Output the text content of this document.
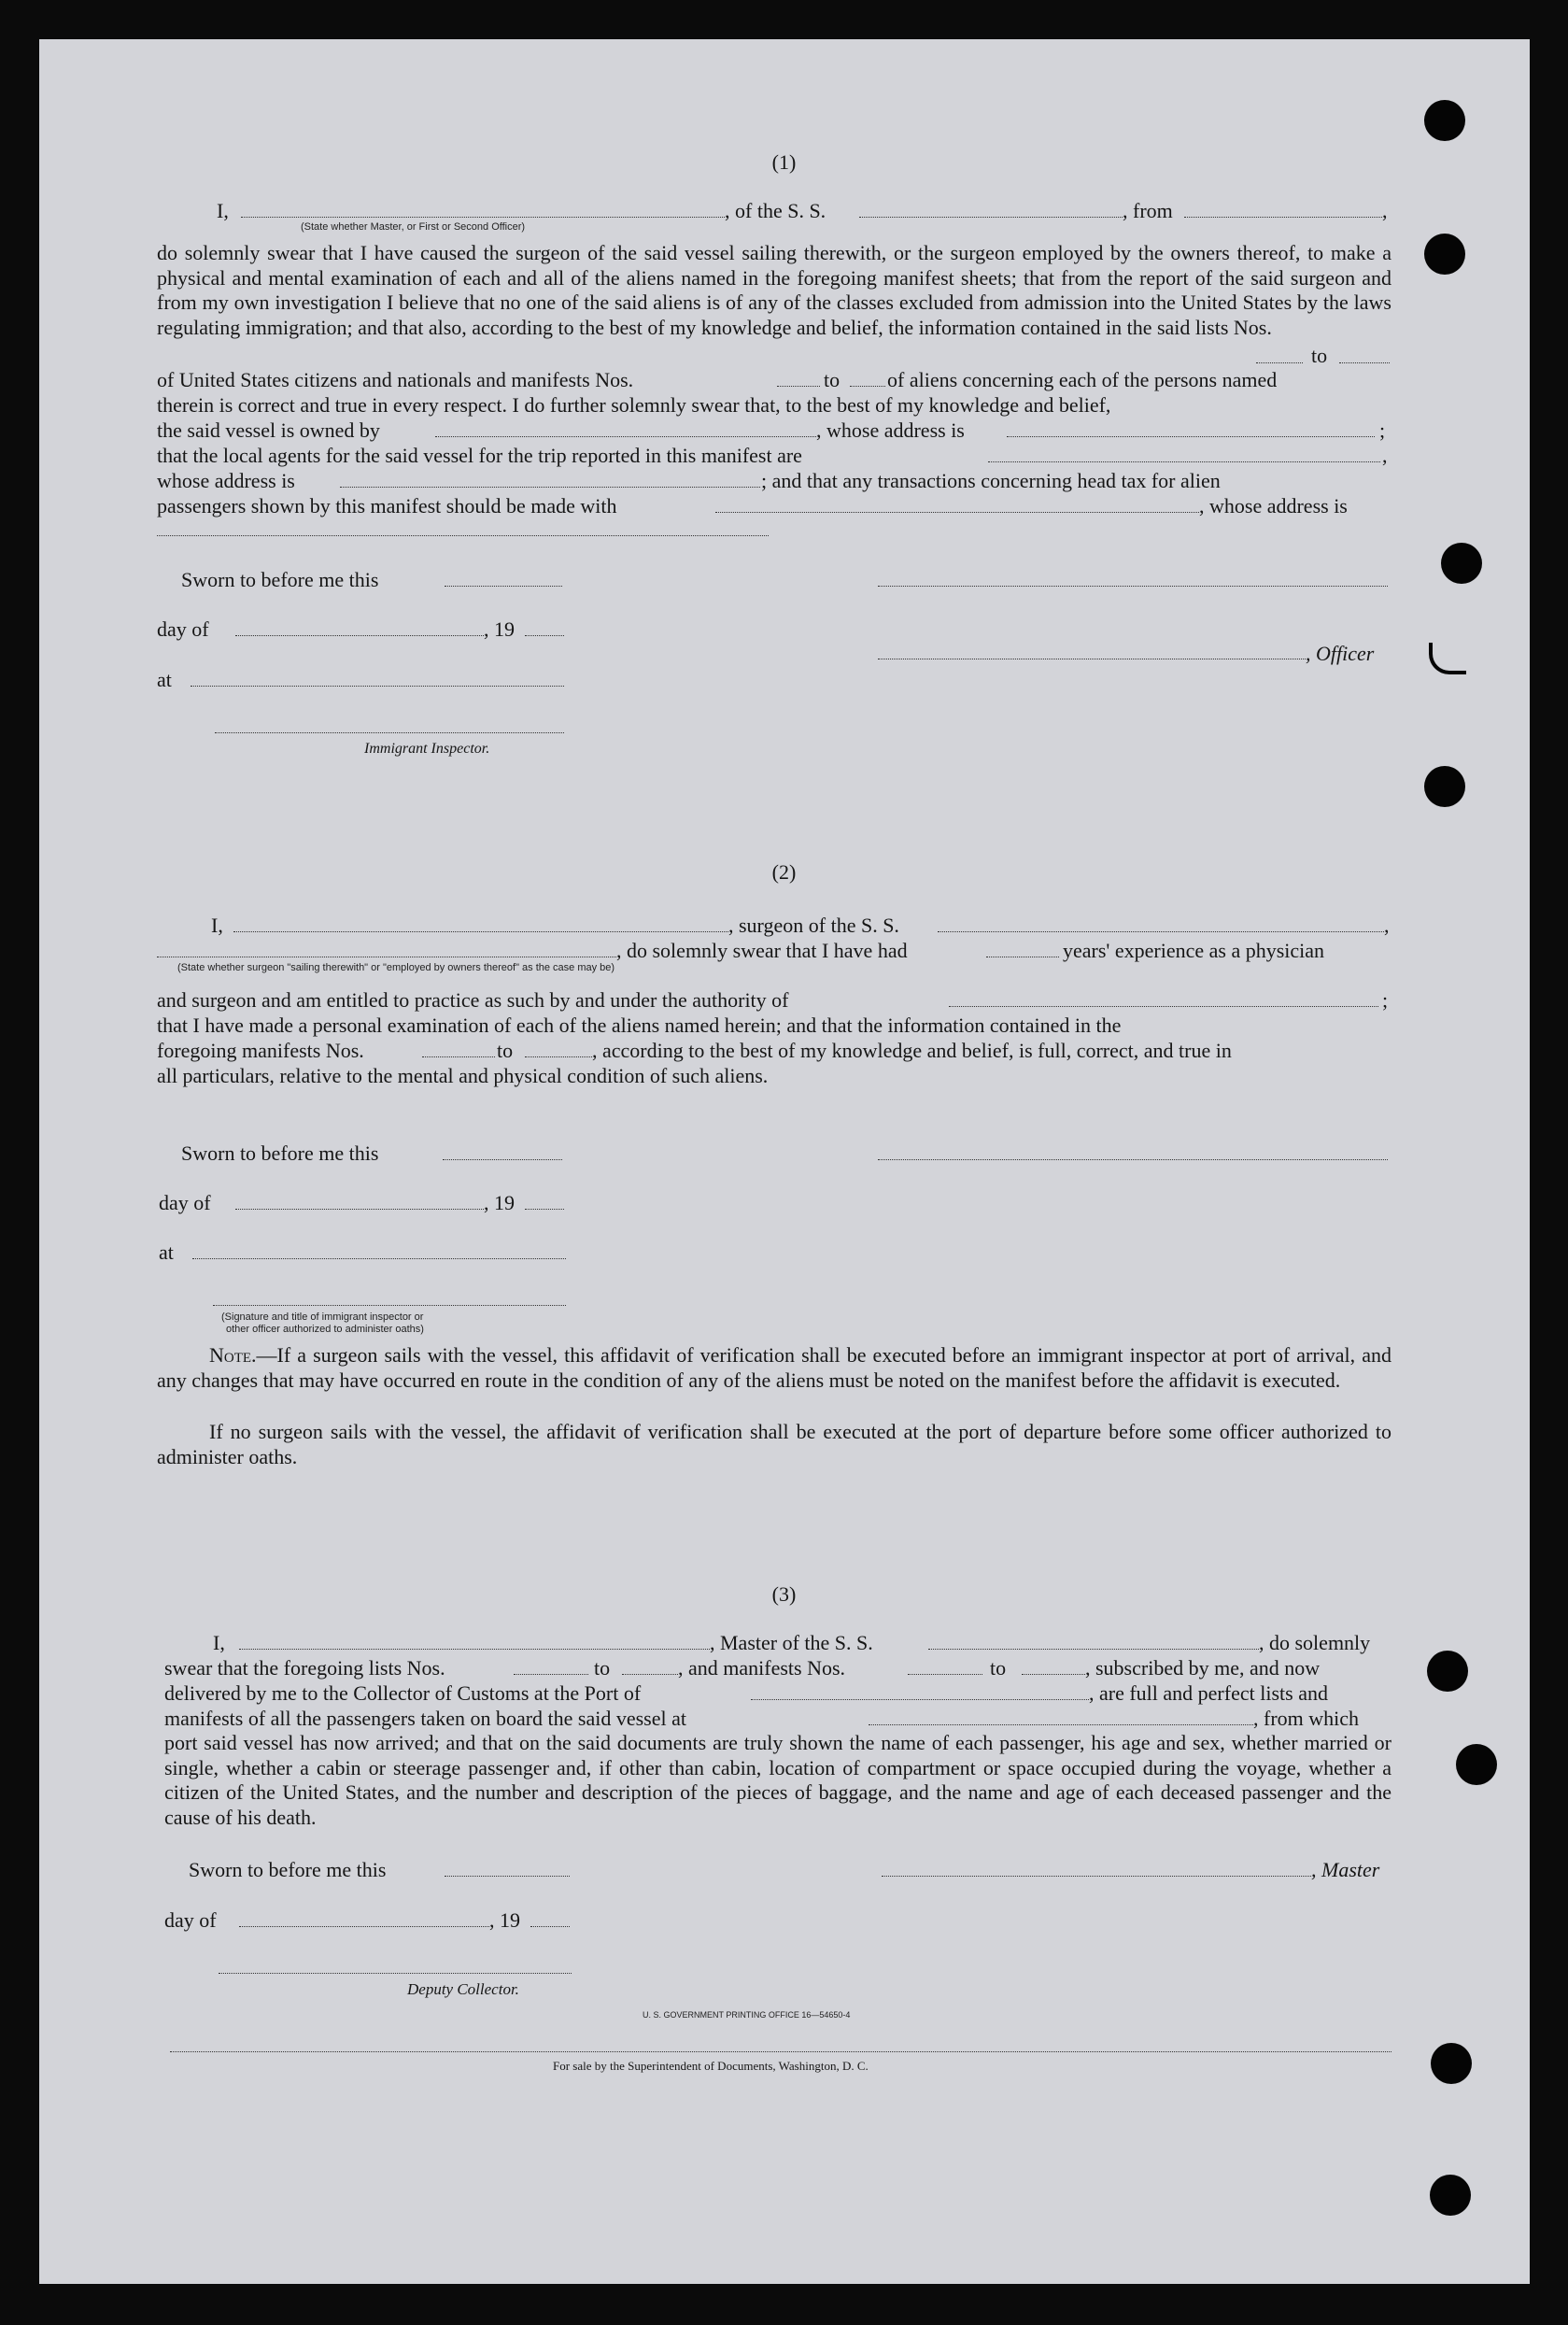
(1)
I,	, of the S. S.	, from	,
(State whether Master, or First or Second Officer)
do solemnly swear that I have caused the surgeon of the said vessel sailing therewith, or the surgeon employed by the owners thereof, to make a physical and mental examination of each and all of the aliens named in the foregoing manifest sheets; that from the report of the said surgeon and from my own investigation I believe that no one of the said aliens is of any of the classes excluded from admission into the United States by the laws regulating immigration; and that also, according to the best of my knowledge and belief, the information contained in the said lists Nos.
to
of United States citizens and nationals and manifests Nos.	to of aliens concerning each of the persons named
therein is correct and true in every respect. I do further solemnly swear that, to the best of my knowledge and belief,
the said vessel is owned by	, whose address is	;
that the local agents for the said vessel for the trip reported in this manifest are	,
whose address is	; and that any transactions concerning head tax for alien
passengers shown by this manifest should be made with	, whose address is
Sworn to before me this
day of	, 19
, Officer
at
Immigrant Inspector.
(2)
I,	, surgeon of the S. S.	,
, do solemnly swear that I have had	years' experience as a physician
(State whether surgeon "sailing therewith" or "employed by owners thereof" as the case may be)
and surgeon and am entitled to practice as such by and under the authority of	;
that I have made a personal examination of each of the aliens named herein; and that the information contained in the
foregoing manifests Nos.	to	, according to the best of my knowledge and belief, is full, correct, and true in
all particulars, relative to the mental and physical condition of such aliens.
Sworn to before me this
day of	, 19
at
(Signature and title of immigrant inspector or
other officer authorized to administer oaths)
Note.—If a surgeon sails with the vessel, this affidavit of verification shall be executed before an immigrant inspector at port of arrival, and any changes that may have occurred en route in the condition of any of the aliens must be noted on the manifest before the affidavit is executed.
If no surgeon sails with the vessel, the affidavit of verification shall be executed at the port of departure before some officer authorized to administer oaths.
(3)
I,	, Master of the S. S.	, do solemnly
swear that the foregoing lists Nos.	to	, and manifests Nos.	to	, subscribed by me, and now
delivered by me to the Collector of Customs at the Port of	, are full and perfect lists and
manifests of all the passengers taken on board the said vessel at	, from which
port said vessel has now arrived; and that on the said documents are truly shown the name of each passenger, his age and sex, whether married or single, whether a cabin or steerage passenger and, if other than cabin, location of compartment or space occupied during the voyage, whether a citizen of the United States, and the number and description of the pieces of baggage, and the name and age of each deceased passenger and the cause of his death.
Sworn to before me this	, Master
day of	, 19
Deputy Collector.
U. S. GOVERNMENT PRINTING OFFICE 16—54650-4
For sale by the Superintendent of Documents, Washington, D. C.
